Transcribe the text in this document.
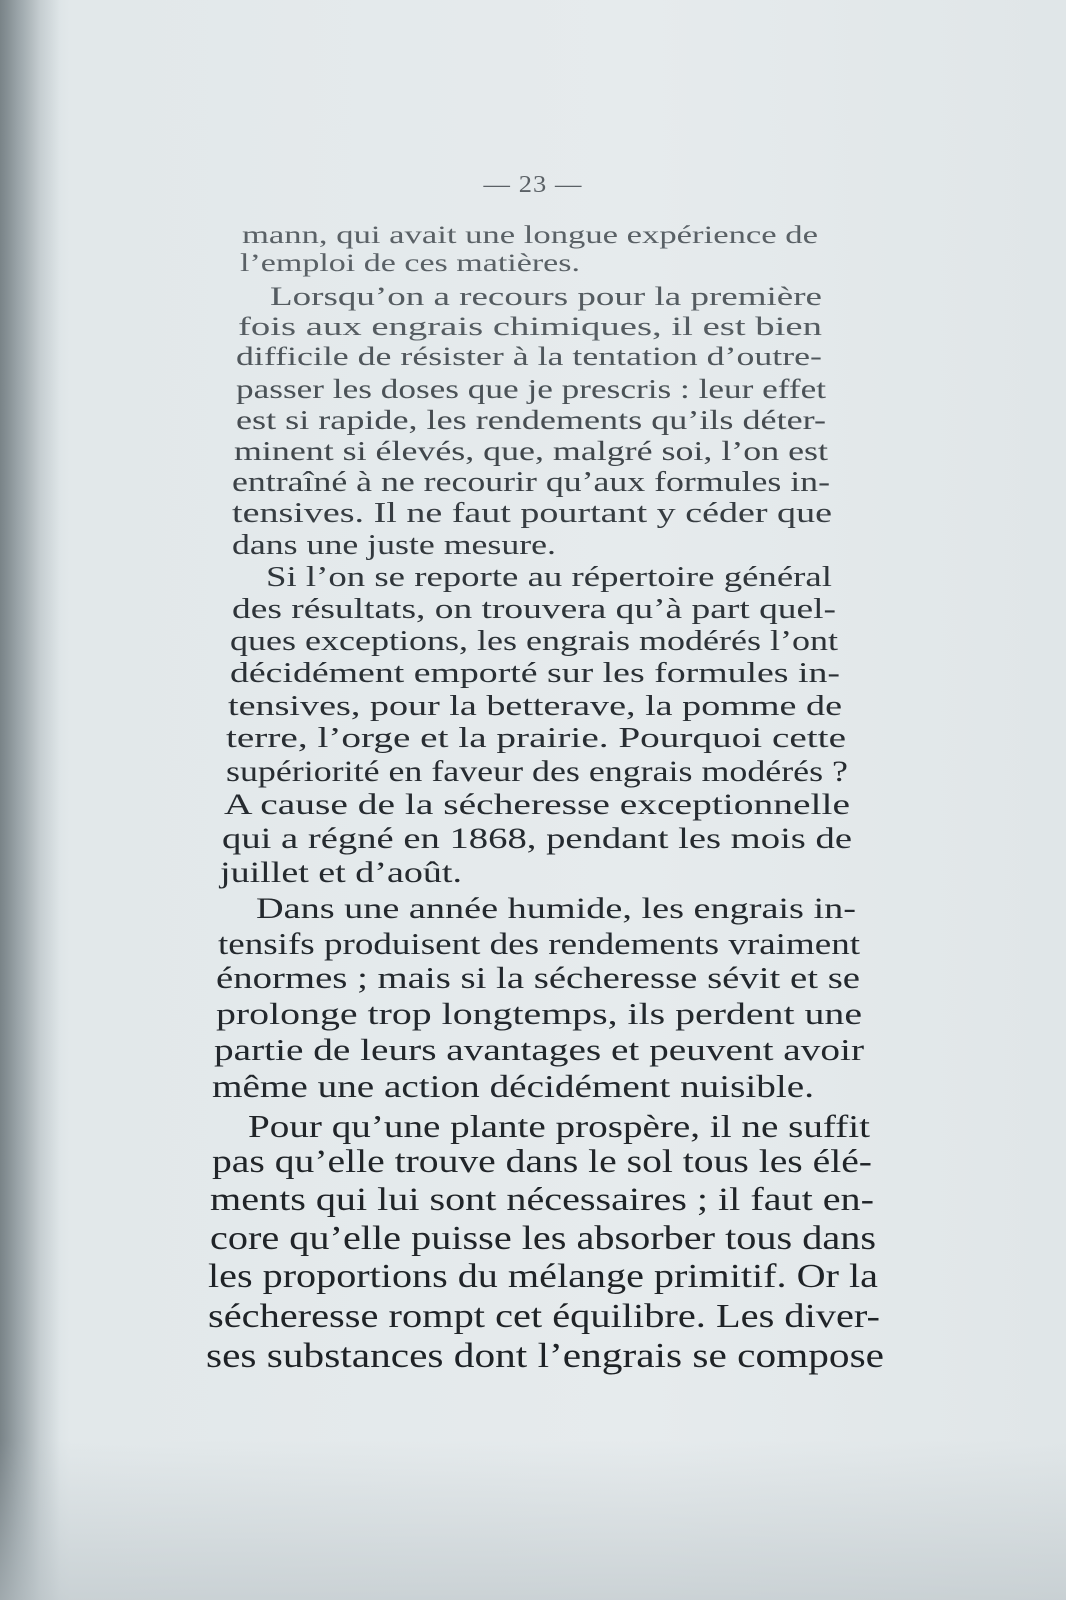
— 23 —
mann, qui avait une longue expérience de
l’emploi de ces matières.
Lorsqu’on a recours pour la première
fois aux engrais chimiques, il est bien
difficile de résister à la tentation d’outre-
passer les doses que je prescris : leur effet
est si rapide, les rendements qu’ils déter-
minent si élevés, que, malgré soi, l’on est
entraîné à ne recourir qu’aux formules in-
tensives. Il ne faut pourtant y céder que
dans une juste mesure.
Si l’on se reporte au répertoire général
des résultats, on trouvera qu’à part quel-
ques exceptions, les engrais modérés l’ont
décidément emporté sur les formules in-
tensives, pour la betterave, la pomme de
terre, l’orge et la prairie. Pourquoi cette
supériorité en faveur des engrais modérés ?
A cause de la sécheresse exceptionnelle
qui a régné en 1868, pendant les mois de
juillet et d’août.
Dans une année humide, les engrais in-
tensifs produisent des rendements vraiment
énormes ; mais si la sécheresse sévit et se
prolonge trop longtemps, ils perdent une
partie de leurs avantages et peuvent avoir
même une action décidément nuisible.
Pour qu’une plante prospère, il ne suffit
pas qu’elle trouve dans le sol tous les élé-
ments qui lui sont nécessaires ; il faut en-
core qu’elle puisse les absorber tous dans
les proportions du mélange primitif. Or la
sécheresse rompt cet équilibre. Les diver-
ses substances dont l’engrais se compose
